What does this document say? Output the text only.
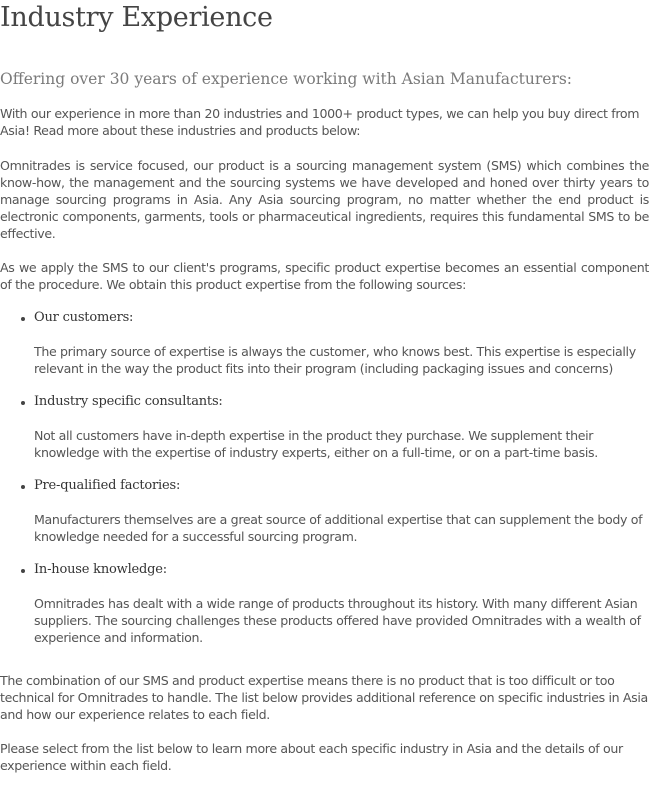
Industry Experience
Offering over 30 years of experience working with Asian Manufacturers:

With our experience in more than 20 industries and 1000+ product types, we can help you buy direct from Asia! Read more about these industries and products below:

Omnitrades is service focused, our product is a sourcing management system (SMS) which combines the know-how, the management and the sourcing systems we have developed and honed over thirty years to manage sourcing programs in Asia. Any Asia sourcing program, no matter whether the end product is electronic components, garments, tools or pharmaceutical ingredients, requires this fundamental SMS to be effective.

As we apply the SMS to our client's programs, specific product expertise becomes an essential component of the procedure. We obtain this product expertise from the following sources:

Our customers:
The primary source of expertise is always the customer, who knows best. This expertise is especially relevant in the way the product fits into their program (including packaging issues and concerns)
Industry specific consultants:
Not all customers have in-depth expertise in the product they purchase. We supplement their knowledge with the expertise of industry experts, either on a full-time, or on a part-time basis.
Pre-qualified factories:
Manufacturers themselves are a great source of additional expertise that can supplement the body of knowledge needed for a successful sourcing program.
In-house knowledge:
Omnitrades has dealt with a wide range of products throughout its history. With many different Asian suppliers. The sourcing challenges these products offered have provided Omnitrades with a wealth of experience and information.

The combination of our SMS and product expertise means there is no product that is too difficult or too technical for Omnitrades to handle. The list below provides additional reference on specific industries in Asia and how our experience relates to each field.

Please select from the list below to learn more about each specific industry in Asia and the details of our experience within each field.
